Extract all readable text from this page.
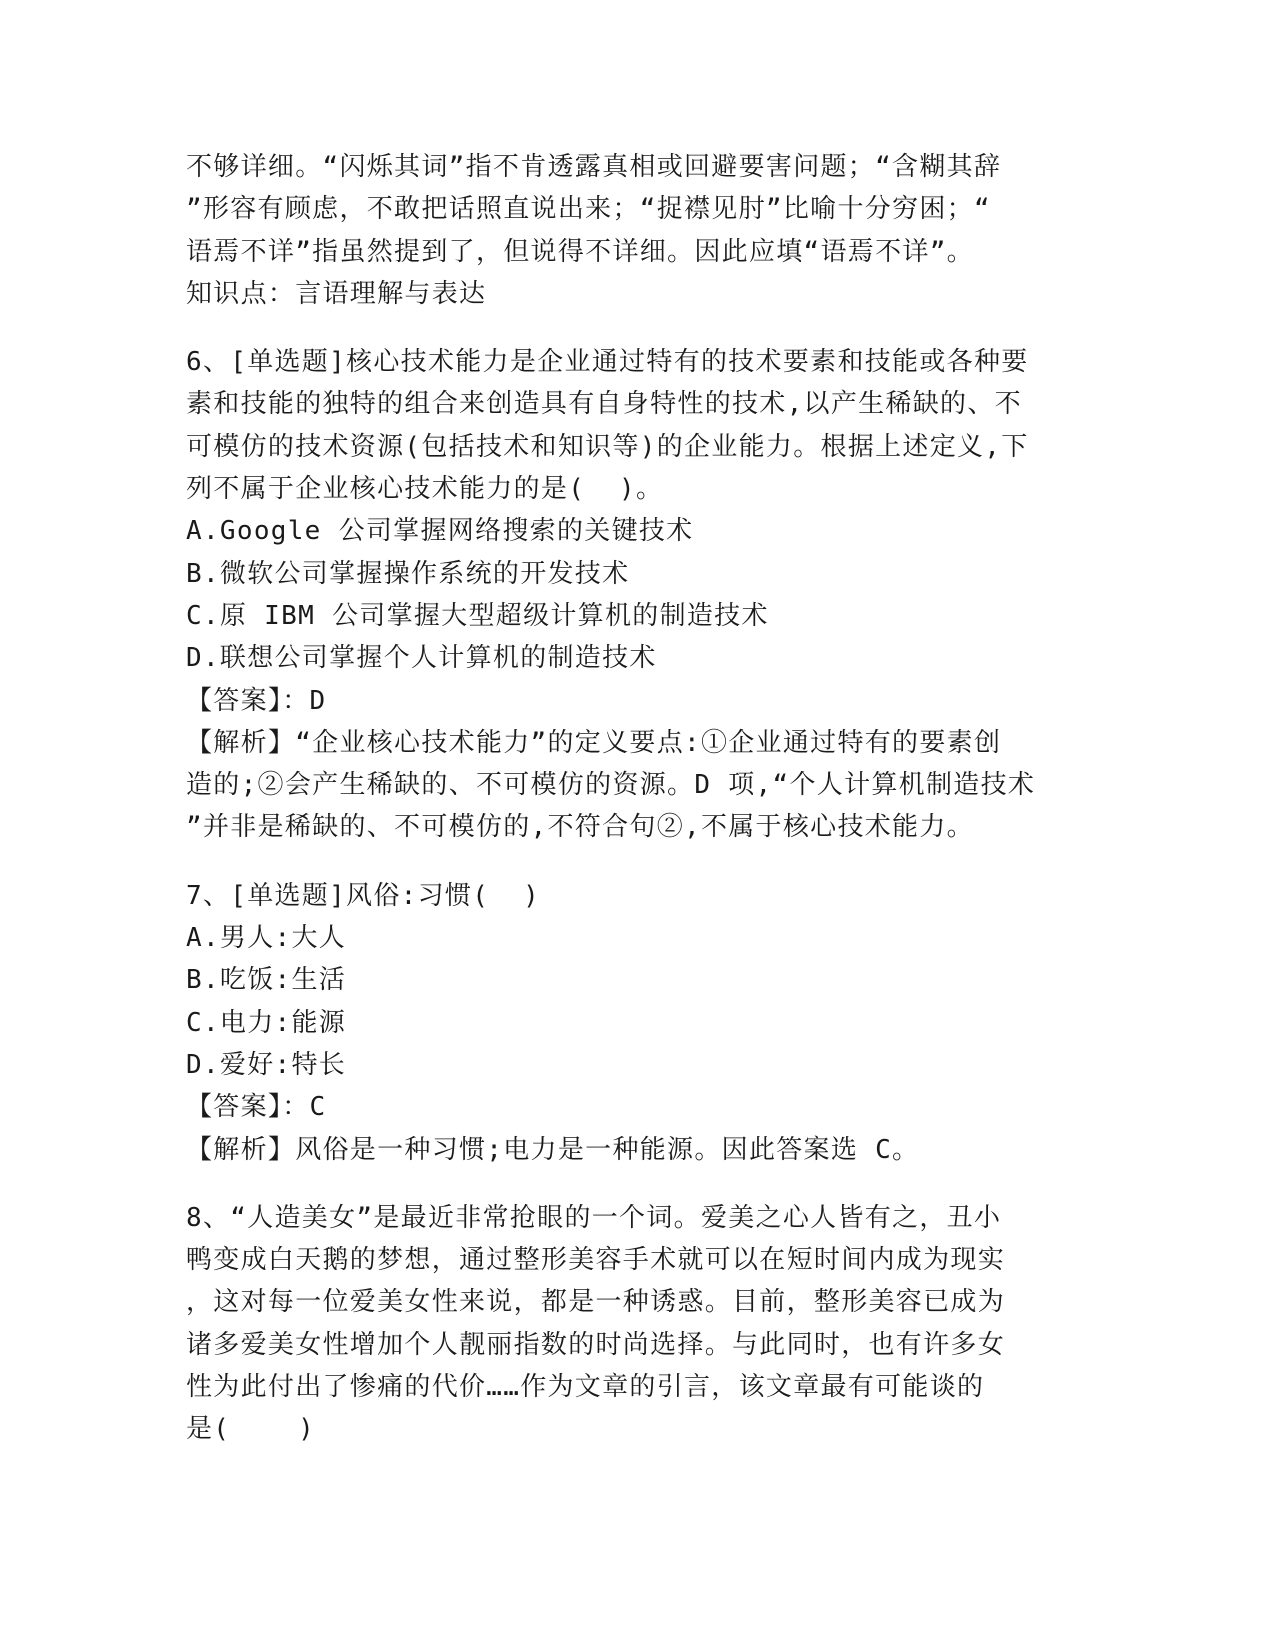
不够详细。“闪烁其词”指不肯透露真相或回避要害问题；“含糊其辞
”形容有顾虑，不敢把话照直说出来；“捉襟见肘”比喻十分穷困；“
语焉不详”指虽然提到了，但说得不详细。因此应填“语焉不详”。
知识点：言语理解与表达
6、[单选题]核心技术能力是企业通过特有的技术要素和技能或各种要
素和技能的独特的组合来创造具有自身特性的技术,以产生稀缺的、不
可模仿的技术资源(包括技术和知识等)的企业能力。根据上述定义,下
列不属于企业核心技术能力的是(  )。
A.Google 公司掌握网络搜索的关键技术
B.微软公司掌握操作系统的开发技术
C.原 IBM 公司掌握大型超级计算机的制造技术
D.联想公司掌握个人计算机的制造技术
【答案】：D
【解析】“企业核心技术能力”的定义要点:①企业通过特有的要素创
造的;②会产生稀缺的、不可模仿的资源。D 项,“个人计算机制造技术
”并非是稀缺的、不可模仿的,不符合句②,不属于核心技术能力。
7、[单选题]风俗:习惯(  )
A.男人:大人
B.吃饭:生活
C.电力:能源
D.爱好:特长
【答案】：C
【解析】风俗是一种习惯;电力是一种能源。因此答案选 C。
8、“人造美女”是最近非常抢眼的一个词。爱美之心人皆有之，丑小
鸭变成白天鹅的梦想，通过整形美容手术就可以在短时间内成为现实
，这对每一位爱美女性来说，都是一种诱惑。目前，整形美容已成为
诸多爱美女性增加个人靓丽指数的时尚选择。与此同时，也有许多女
性为此付出了惨痛的代价……作为文章的引言，该文章最有可能谈的
是(    )
